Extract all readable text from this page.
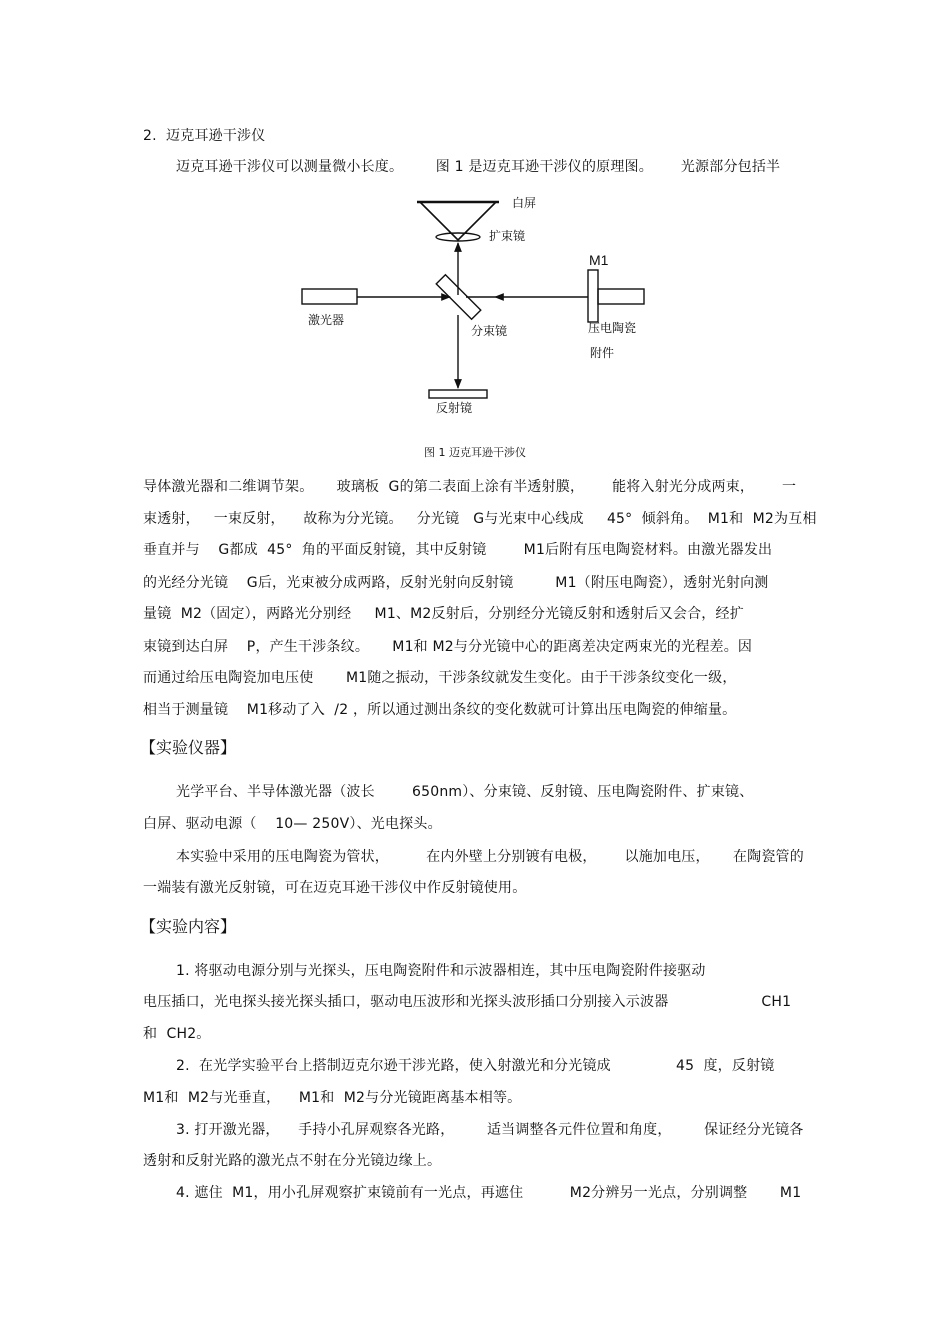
2.  迈克耳逊干涉仪
迈克耳逊干涉仪可以测量微小长度。       图 1 是迈克耳逊干涉仪的原理图。      光源部分包括半
白屏
扩束镜
M1
激光器
分束镜	压电陶瓷
附件
反射镜
图 1 迈克耳逊干涉仪
导体激光器和二维调节架。     玻璃板  G的第二表面上涂有半透射膜，      能将入射光分成两束，      一
束透射，   一束反射，    故称为分光镜。   分光镜   G与光束中心线成     45°  倾斜角。  M1和  M2为互相
垂直并与    G都成  45°  角的平面反射镜，其中反射镜        M1后附有压电陶瓷材料。由激光器发出
的光经分光镜    G后，光束被分成两路，反射光射向反射镜         M1（附压电陶瓷），透射光射向测
量镜  M2（固定），两路光分别经     M1、M2反射后，分别经分光镜反射和透射后又会合，经扩
束镜到达白屏    P，产生干涉条纹。     M1和 M2与分光镜中心的距离差决定两束光的光程差。因
而通过给压电陶瓷加电压使       M1随之振动，干涉条纹就发生变化。由于干涉条纹变化一级，
相当于测量镜    M1移动了入  /2 ，所以通过测出条纹的变化数就可计算出压电陶瓷的伸缩量。
【实验仪器】
光学平台、半导体激光器（波长        650nm）、分束镜、反射镜、压电陶瓷附件、扩束镜、
白屏、驱动电源（    10— 250V）、光电探头。
本实验中采用的压电陶瓷为管状，        在内外壁上分别镀有电极，      以施加电压，     在陶瓷管的
一端装有激光反射镜，可在迈克耳逊干涉仪中作反射镜使用。
【实验内容】
1. 将驱动电源分别与光探头，压电陶瓷附件和示波器相连，其中压电陶瓷附件接驱动
电压插口，光电探头接光探头插口，驱动电压波形和光探头波形插口分别接入示波器                    CH1
和  CH2。
2.  在光学实验平台上搭制迈克尔逊干涉光路，使入射激光和分光镜成              45  度，反射镜
M1和  M2与光垂直，    M1和  M2与分光镜距离基本相等。
3. 打开激光器，    手持小孔屏观察各光路，       适当调整各元件位置和角度，       保证经分光镜各
透射和反射光路的激光点不射在分光镜边缘上。
4. 遮住  M1，用小孔屏观察扩束镜前有一光点，再遮住          M2分辨另一光点，分别调整       M1
